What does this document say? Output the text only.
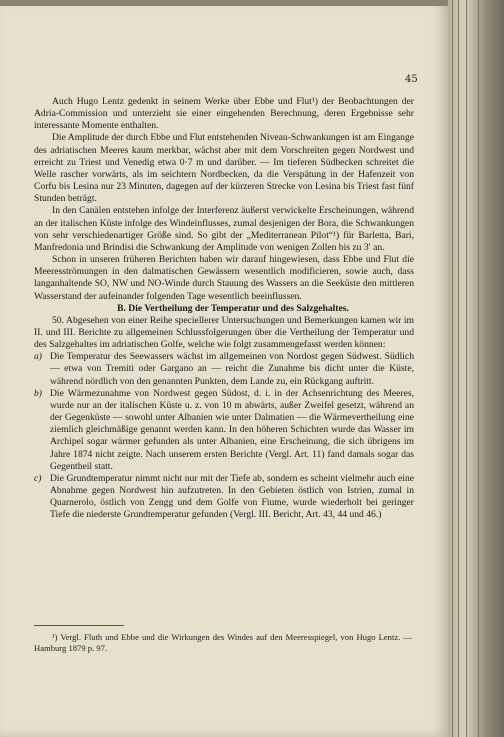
45

Auch Hugo Lentz gedenkt in seinem Werke über Ebbe und Flut¹) der Beobachtungen der Adria-Commission und unterzieht sie einer eingehenden Berechnung, deren Ergebnisse sehr interessante Momente enthalten.

Die Amplitude der durch Ebbe und Flut entstehenden Niveau-Schwankungen ist am Eingange des adriatischen Meeres kaum merkbar, wächst aber mit dem Vorschreiten gegen Nordwest und erreicht zu Triest und Venedig etwa 0·7 m und darüber. — Im tieferen Südbecken schreitet die Welle rascher vorwärts, als im seichtern Nordbecken, da die Verspätung in der Hafenzeit von Corfu bis Lesina nur 23 Minuten, dagegen auf der kürzeren Strecke von Lesina bis Triest fast fünf Stunden beträgt.

In den Canälen entstehen infolge der Interferenz äußerst verwickelte Erscheinungen, während an der italischen Küste infolge des Windeinflusses, zumal desjenigen der Bora, die Schwankungen von sehr verschiedenartiger Größe sind. So gibt der „Mediterranean Pilot“¹) für Barletta, Bari, Manfredonia und Brindisi die Schwankung der Amplitude von wenigen Zollen bis zu 3′ an.

Schon in unseren früheren Berichten haben wir darauf hingewiesen, dass Ebbe und Flut die Meeresströmungen in den dalmatischen Gewässern wesentlich modificieren, sowie auch, dass langanhaltende SO, NW und NO-Winde durch Stauung des Wassers an die Seeküste den mittleren Wasserstand der aufeinander folgenden Tage wesentlich beeinflussen.

B. Die Vertheilung der Temperatur und des Salzgehaltes.

50. Abgesehen von einer Reihe speciellerer Untersuchungen und Bemerkungen kamen wir im II. und III. Berichte zu allgemeinen Schlussfolgerungen über die Vertheilung der Temperatur und des Salzgehaltes im adriatischen Golfe, welche wie folgt zusammengefasst werden können:

a) Die Temperatur des Seewassers wächst im allgemeinen von Nordost gegen Südwest. Südlich — etwa von Tremiti oder Gargano an — reicht die Zunahme bis dicht unter die Küste, während nördlich von den genannten Punkten, dem Lande zu, ein Rückgang auftritt.
b) Die Wärmezunahme von Nordwest gegen Südost, d. i. in der Achsenrichtung des Meeres, wurde nur an der italischen Küste u. z. von 10 m abwärts, außer Zweifel gesetzt, während an der Gegenküste — sowohl unter Albanien wie unter Dalmatien — die Wärmevertheilung eine ziemlich gleichmäßige genannt werden kann. In den höheren Schichten wurde das Wasser im Archipel sogar wärmer gefunden als unter Albanien, eine Erscheinung, die sich übrigens im Jahre 1874 nicht zeigte. Nach unserem ersten Berichte (Vergl. Art. 11) fand damals sogar das Gegentheil statt.
c) Die Grundtemperatur nimmt nicht nur mit der Tiefe ab, sondern es scheint vielmehr auch eine Abnahme gegen Nordwest hin aufzutreten. In den Gebieten östlich von Istrien, zumal in Quarnerolo, östlich von Zengg und dem Golfe von Fiume, wurde wiederholt bei geringer Tiefe die niederste Grundtemperatur gefunden (Vergl. III. Bericht, Art. 43, 44 und 46.)
¹) Vergl. Fluth und Ebbe und die Wirkungen des Windes auf den Meeresspiegel, von Hugo Lentz. — Hamburg 1879 p. 97.
